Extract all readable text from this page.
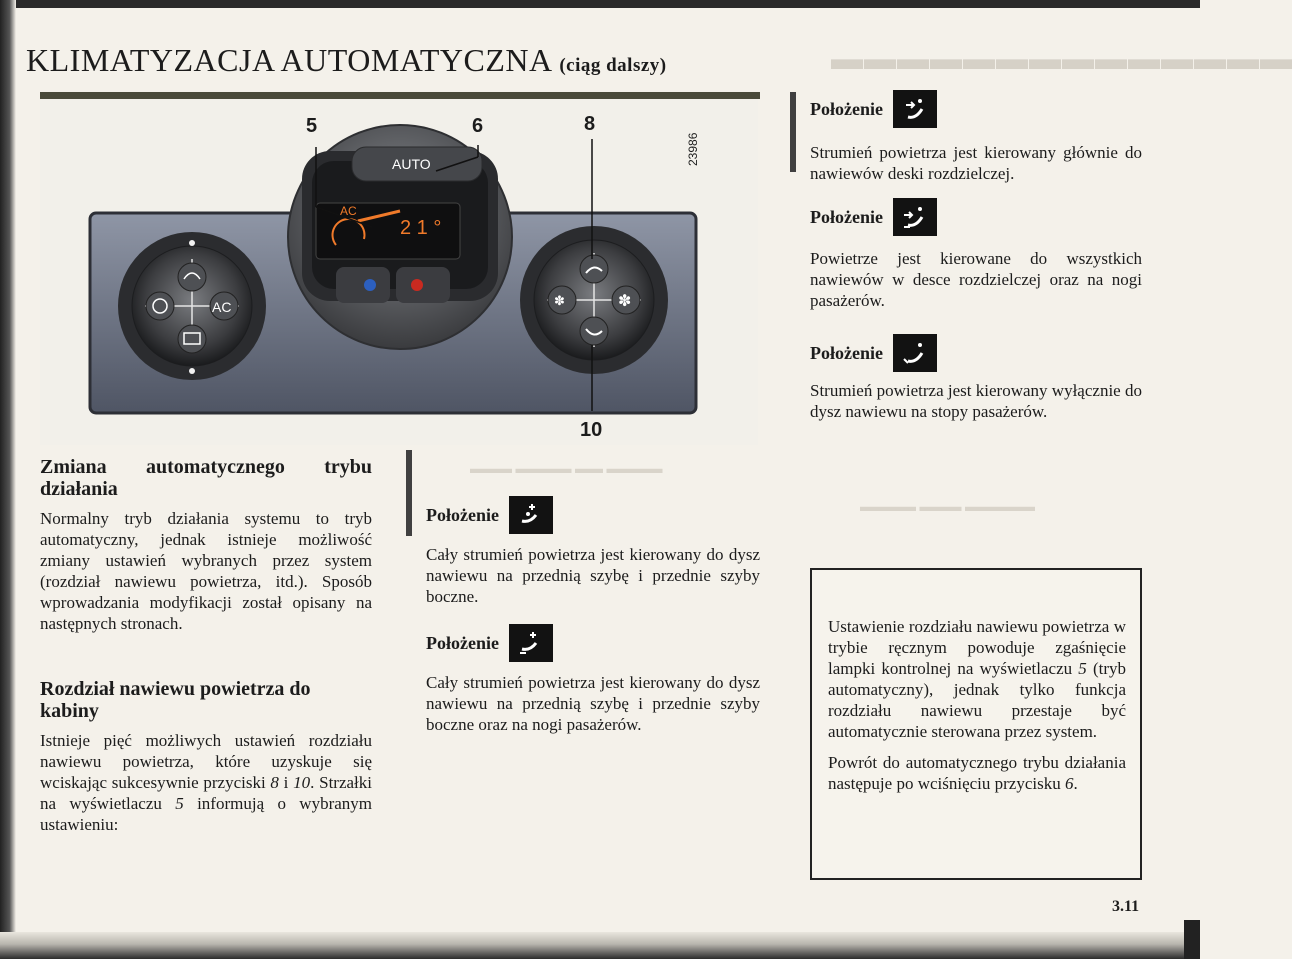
▬▬▬▬▬▬▬▬▬▬▬▬▬▬
▬▬▬ ▬▬▬▬ ▬▬ ▬▬▬▬
▬▬▬▬ ▬▬▬ ▬▬▬▬▬
KLIMATYZACJA AUTOMATYCZNA (ciąg dalszy)
AUTO
AC
2 1 °
AC	✽	✽
5	6	8
10
23986
Zmiana automatycznego trybu działania

Normalny tryb działania systemu to tryb automatyczny, jednak istnieje możliwość zmiany ustawień wybranych przez system (rozdział nawiewu powietrza, itd.). Sposób wprowadzania modyfikacji został opisany na następnych stronach.

Rozdział nawiewu powietrza do kabiny

Istnieje pięć możliwych ustawień rozdziału nawiewu powietrza, które uzyskuje się wciskając sukcesywnie przyciski 8 i 10. Strzałki na wyświetlaczu 5 informują o wybranym ustawieniu:

Położenie

Cały strumień powietrza jest kierowany do dysz nawiewu na przednią szybę i przednie szyby boczne.

Położenie

Cały strumień powietrza jest kierowany do dysz nawiewu na przednią szybę i przednie szyby boczne oraz na nogi pasażerów.

Położenie

Strumień powietrza jest kierowany głównie do nawiewów deski rozdzielczej.

Położenie

Powietrze jest kierowane do wszystkich nawiewów w desce rozdzielczej oraz na nogi pasażerów.

Położenie

Strumień powietrza jest kierowany wyłącznie do dysz nawiewu na stopy pasażerów.

Ustawienie rozdziału nawiewu powietrza w trybie ręcznym powoduje zgaśnięcie lampki kontrolnej na wyświetlaczu 5 (tryb automatyczny), jednak tylko funkcja rozdziału nawiewu przestaje być automatycznie sterowana przez system.

Powrót do automatycznego trybu działania następuje po wciśnięciu przycisku 6.

3.11
